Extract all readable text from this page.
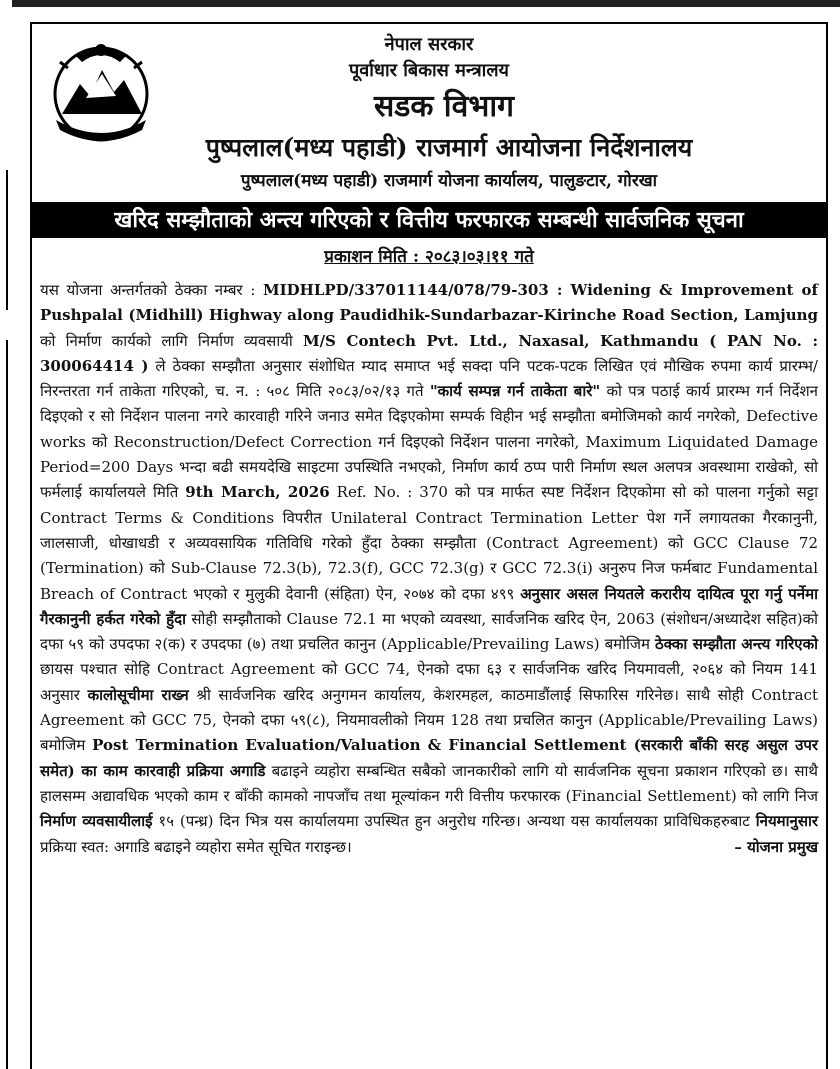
नेपाल सरकार
पूर्वाधार बिकास मन्त्रालय
सडक विभाग
पुष्पलाल(मध्य पहाडी) राजमार्ग आयोजना निर्देशनालय
पुष्पलाल(मध्य पहाडी) राजमार्ग योजना कार्यालय, पालुङटार, गोरखा
खरिद सम्झौताको अन्त्य गरिएको र वित्तीय फरफारक सम्बन्धी सार्वजनिक सूचना
प्रकाशन मिति : २०८३।०३।११ गते
यस योजना अन्तर्गतको ठेक्का नम्बर : MIDHLPD/337011144/078/79-303 : Widening & Improvement of Pushpalal (Midhill) Highway along Paudidhik-Sundarbazar-Kirinche Road Section, Lamjung को निर्माण कार्यको लागि निर्माण व्यवसायी M/S Contech Pvt. Ltd., Naxasal, Kathmandu ( PAN No. : 300064414 ) ले ठेक्का सम्झौता अनुसार संशोधित म्याद समाप्त भई सक्दा पनि पटक-पटक लिखित एवं मौखिक रुपमा कार्य प्रारम्भ/निरन्तरता गर्न ताकेता गरिएको, च. न. : ५०८ मिति २०८३/०२/१३ गते "कार्य सम्पन्न गर्न ताकेता बारे" को पत्र पठाई कार्य प्रारम्भ गर्न निर्देशन दिइएको र सो निर्देशन पालना नगरे कारवाही गरिने जनाउ समेत दिइएकोमा सम्पर्क विहीन भई सम्झौता बमोजिमको कार्य नगरेको, Defective works को Reconstruction/Defect Correction गर्न दिइएको निर्देशन पालना नगरेको, Maximum Liquidated Damage Period=200 Days भन्दा बढी समयदेखि साइटमा उपस्थिति नभएको, निर्माण कार्य ठप्प पारी निर्माण स्थल अलपत्र अवस्थामा राखेको, सो फर्मलाई कार्यालयले मिति 9th March, 2026 Ref. No. : 370 को पत्र मार्फत स्पष्ट निर्देशन दिएकोमा सो को पालना गर्नुको सट्टा Contract Terms & Conditions विपरीत Unilateral Contract Termination Letter पेश गर्ने लगायतका गैरकानुनी, जालसाजी, धोखाधडी र अव्यवसायिक गतिविधि गरेको हुँदा ठेक्का सम्झौता (Contract Agreement) को GCC Clause 72 (Termination) को Sub-Clause 72.3(b), 72.3(f), GCC 72.3(g) र GCC 72.3(i) अनुरुप निज फर्मबाट Fundamental Breach of Contract भएको र मुलुकी देवानी (संहिता) ऐन, २०७४ को दफा ४९९ अनुसार असल नियतले करारीय दायित्व पूरा गर्नु पर्नेमा गैरकानुनी हर्कत गरेको हुँदा सोही सम्झौताको Clause 72.1 मा भएको व्यवस्था, सार्वजनिक खरिद ऐन, 2063 (संशोधन/अध्यादेश सहित)को दफा ५९ को उपदफा २(क) र उपदफा (७) तथा प्रचलित कानुन (Applicable/Prevailing Laws) बमोजिम ठेक्का सम्झौता अन्त्य गरिएको छायस पश्चात सोहि Contract Agreement को GCC 74, ऐनको दफा ६३ र सार्वजनिक खरिद नियमावली, २०६४ को नियम 141 अनुसार कालोसूचीमा राख्न श्री सार्वजनिक खरिद अनुगमन कार्यालय, केशरमहल, काठमाडौंलाई सिफारिस गरिनेछ। साथै सोही Contract Agreement को GCC 75, ऐनको दफा ५९(८), नियमावलीको नियम 128 तथा प्रचलित कानुन (Applicable/Prevailing Laws) बमोजिम Post Termination Evaluation/Valuation & Financial Settlement (सरकारी बाँकी सरह असुल उपर समेत) का काम कारवाही प्रक्रिया अगाडि बढाइने व्यहोरा सम्बन्धित सबैको जानकारीको लागि यो सार्वजनिक सूचना प्रकाशन गरिएको छ। साथै हालसम्म अद्यावधिक भएको काम र बाँकी कामको नापजाँच तथा मूल्यांकन गरी वित्तीय फरफारक (Financial Settlement) को लागि निज निर्माण व्यवसायीलाई १५ (पन्ध्र) दिन भित्र यस कार्यालयमा उपस्थित हुन अनुरोध गरिन्छ। अन्यथा यस कार्यालयका प्राविधिकहरुबाट नियमानुसार प्रक्रिया स्वत: अगाडि बढाइने व्यहोरा समेत सूचित गराइन्छ।	– योजना प्रमुख
